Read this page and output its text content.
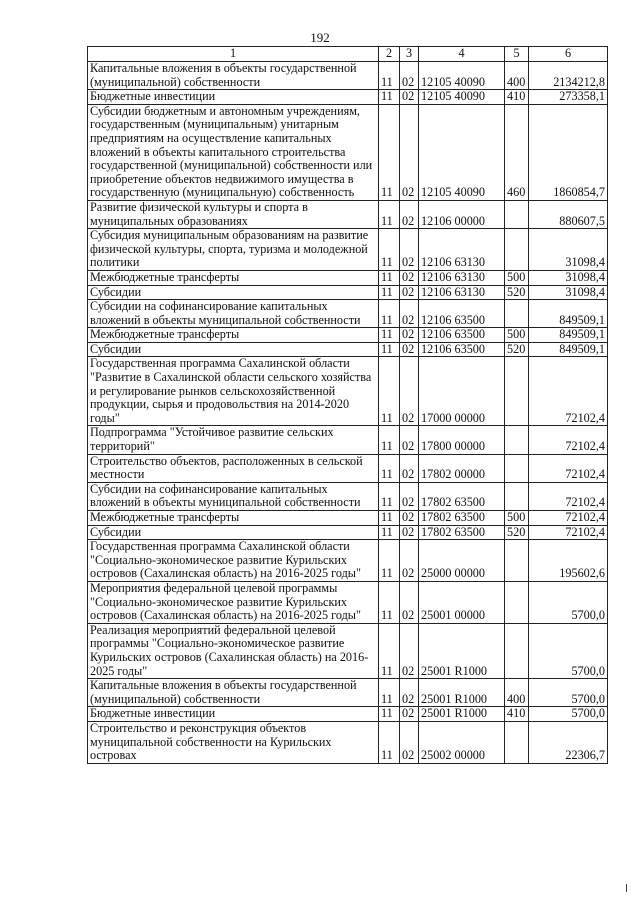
192
1	2	3	4	5	6
Капитальные вложения в объекты государственной (муниципальной) собственности	11	02	12105 40090	400	2134212,8
Бюджетные инвестиции	11	02	12105 40090	410	273358,1
Субсидии бюджетным и автономным учреждениям, государственным (муниципальным) унитарным предприятиям на осуществление капитальных вложений в объекты капитального строительства государственной (муниципальной) собственности или приобретение объектов недвижимого имущества в государственную (муниципальную) собственность	11	02	12105 40090	460	1860854,7
Развитие физической культуры и спорта в муниципальных образованиях	11	02	12106 00000		880607,5
Субсидия муниципальным образованиям на развитие физической культуры, спорта, туризма и молодежной политики	11	02	12106 63130		31098,4
Межбюджетные трансферты	11	02	12106 63130	500	31098,4
Субсидии	11	02	12106 63130	520	31098,4
Субсидии на софинансирование капитальных вложений в объекты муниципальной собственности	11	02	12106 63500		849509,1
Межбюджетные трансферты	11	02	12106 63500	500	849509,1
Субсидии	11	02	12106 63500	520	849509,1
Государственная программа Сахалинской области "Развитие в Сахалинской области сельского хозяйства и регулирование рынков сельскохозяйственной продукции, сырья и продовольствия на 2014-2020 годы"	11	02	17000 00000		72102,4
Подпрограмма "Устойчивое развитие сельских территорий"	11	02	17800 00000		72102,4
Строительство объектов, расположенных в сельской местности	11	02	17802 00000		72102,4
Субсидии на софинансирование капитальных вложений в объекты муниципальной собственности	11	02	17802 63500		72102,4
Межбюджетные трансферты	11	02	17802 63500	500	72102,4
Субсидии	11	02	17802 63500	520	72102,4
Государственная программа Сахалинской области "Социально-экономическое развитие Курильских островов (Сахалинская область) на 2016-2025 годы"	11	02	25000 00000		195602,6
Мероприятия федеральной целевой программы "Социально-экономическое развитие Курильских островов (Сахалинская область) на 2016-2025 годы"	11	02	25001 00000		5700,0
Реализация мероприятий федеральной целевой программы "Социально-экономическое развитие Курильских островов (Сахалинская область) на 2016-2025 годы"	11	02	25001 R1000		5700,0
Капитальные вложения в объекты государственной (муниципальной) собственности	11	02	25001 R1000	400	5700,0
Бюджетные инвестиции	11	02	25001 R1000	410	5700,0
Строительство и реконструкция объектов муниципальной собственности на Курильских островах	11	02	25002 00000		22306,7
